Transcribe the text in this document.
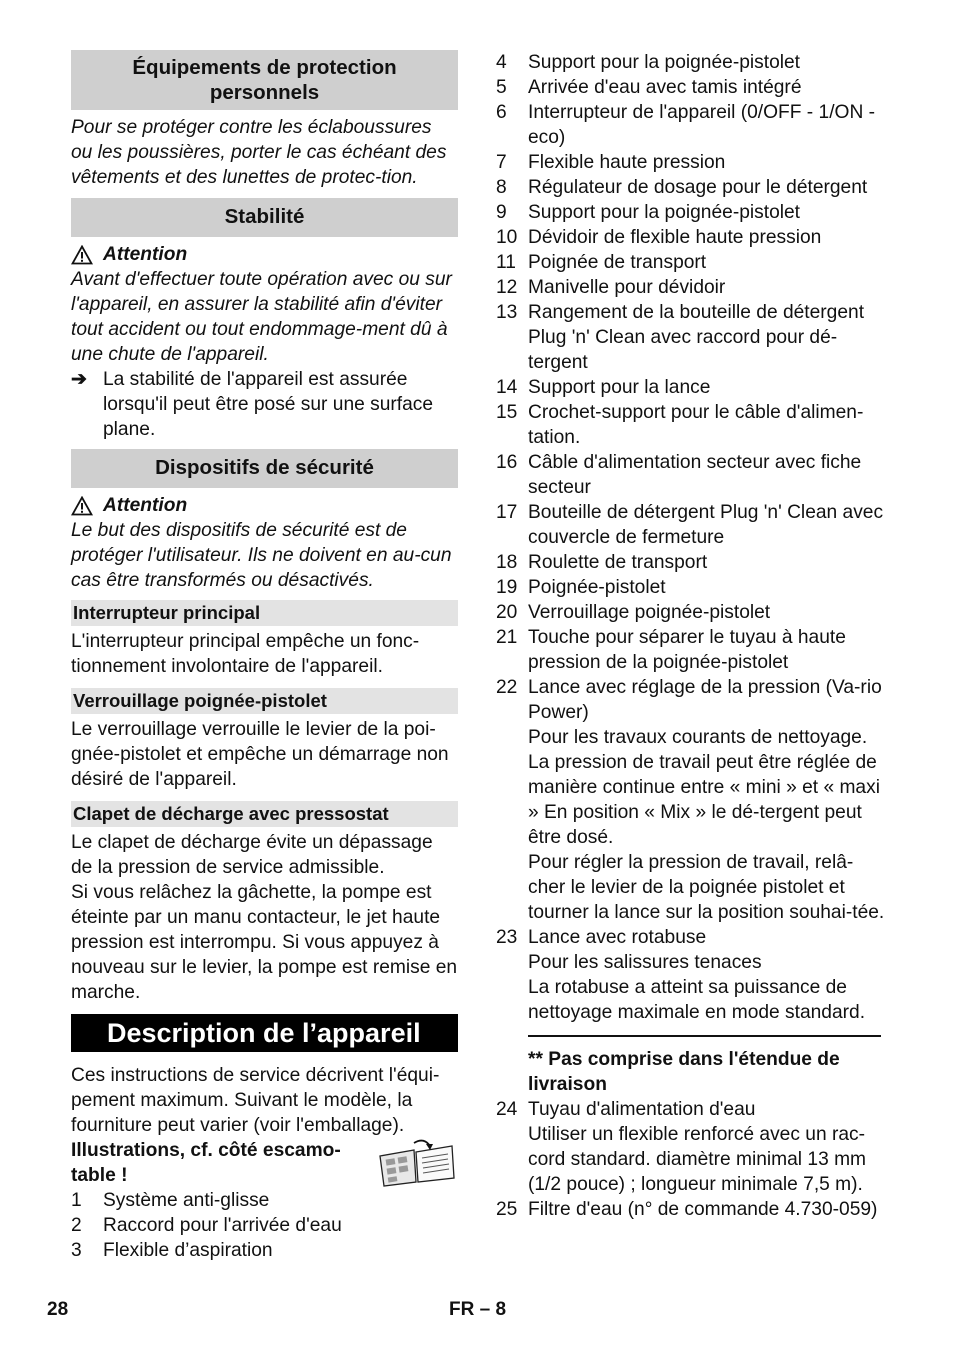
Équipements de protection personnels

Pour se protéger contre les éclaboussures ou les poussières, porter le cas échéant des vêtements et des lunettes de protec-tion.

Stabilité
Attention

Avant d'effectuer toute opération avec ou sur l'appareil, en assurer la stabilité afin d'éviter tout accident ou tout endommage-ment dû à une chute de l'appareil.

➔ La stabilité de l'appareil est assurée lorsqu'il peut être posé sur une surface plane.
Dispositifs de sécurité
Attention

Le but des dispositifs de sécurité est de protéger l'utilisateur. Ils ne doivent en au-cun cas être transformés ou désactivés.

Interrupteur principal

L'interrupteur principal empêche un fonc-tionnement involontaire de l'appareil.

Verrouillage poignée-pistolet

Le verrouillage verrouille le levier de la poi-gnée-pistolet et empêche un démarrage non désiré de l'appareil.

Clapet de décharge avec pressostat

Le clapet de décharge évite un dépassage de la pression de service admissible.

Si vous relâchez la gâchette, la pompe est éteinte par un manu contacteur, le jet haute pression est interrompu. Si vous appuyez à nouveau sur le levier, la pompe est remise en marche.

Description de l’appareil

Ces instructions de service décrivent l'équi-pement maximum. Suivant le modèle, la fourniture peut varier (voir l'emballage).

Illustrations, cf. côté escamo-table !
1	Système anti-glisse
2	Raccord pour l'arrivée d'eau
3	Flexible d’aspiration
4	Support pour la poignée-pistolet
5	Arrivée d'eau avec tamis intégré
6	Interrupteur de l'appareil (0/OFF - 1/ON - eco)
7	Flexible haute pression
8	Régulateur de dosage pour le détergent
9	Support pour la poignée-pistolet
10 Dévidoir de flexible haute pression
11 Poignée de transport
12 Manivelle pour dévidoir
13 Rangement de la bouteille de détergent Plug 'n' Clean avec raccord pour dé-tergent
14 Support pour la lance
15 Crochet-support pour le câble d'alimen-tation.
16 Câble d'alimentation secteur avec fiche secteur
17 Bouteille de détergent Plug 'n' Clean avec couvercle de fermeture
18 Roulette de transport
19 Poignée-pistolet
20 Verrouillage poignée-pistolet
21 Touche pour séparer le tuyau à haute pression de la poignée-pistolet
22 Lance avec réglage de la pression (Va-rio Power)

Pour les travaux courants de nettoyage. La pression de travail peut être réglée de manière continue entre « mini » et « maxi » En position « Mix » le dé-tergent peut être dosé.

Pour régler la pression de travail, relâ-cher le levier de la poignée pistolet et tourner la lance sur la position souhai-tée.

23 Lance avec rotabuse

Pour les salissures tenaces

La rotabuse a atteint sa puissance de nettoyage maximale en mode standard.

** Pas comprise dans l'étendue de livraison

24 Tuyau d'alimentation d'eau

Utiliser un flexible renforcé avec un rac-cord standard. diamètre minimal 13 mm (1/2 pouce) ; longueur minimale 7,5 m).

25 Filtre d'eau (n° de commande 4.730-059)
28	FR – 8
